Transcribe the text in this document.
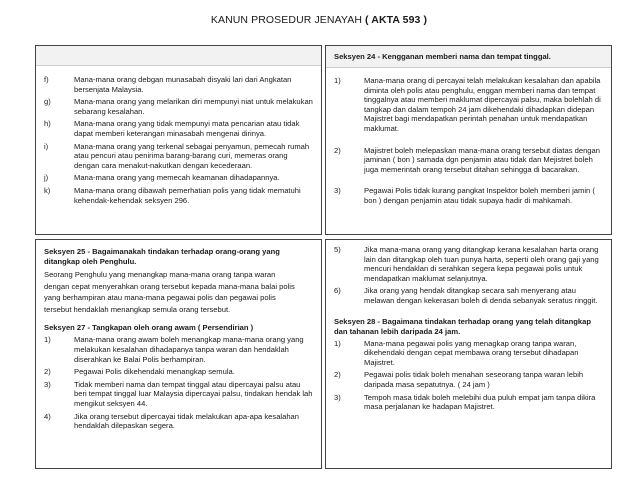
KANUN PROSEDUR JENAYAH ( AKTA 593 )
f)	Mana-mana orang debgan munasabah disyaki lari dari Angkatan bersenjata Malaysia.
g)	Mana-mana orang yang melarikan diri mempunyi niat untuk melakukan sebarang kesalahan.
h)	Mana-mana orang yang tidak mempunyi mata pencarian atau tidak dapat memberi keterangan minasabah mengenai dirinya.
i)	Mana-mana orang yang terkenal sebagai penyamun, pemecah rumah atau pencuri atau penirima barang-barang curi, memeras orang dengan cara menakut-nakutkan dengan kecederaan.
j)	Mana-mana orang yang memecah keamanan dihadapannya.
k)	Mana-mana orang dibawah pemerhatian polis yang tidak mematuhi kehendak-kehendak seksyen 296.
Seksyen 24 - Kengganan memberi nama dan tempat tinggal.
1)	Mana-mana orang di percayai telah melakukan kesalahan dan apabila diminta oleh polis atau penghulu, enggan memberi nama dan tempat tinggalnya atau memberi maklumat dipercayai palsu, maka bolehlah di tangkap dan dalam tempoh 24 jam dikehendaki dihadapkan didepan Majistret bagi mendapatkan perintah penahan untuk mendapatkan maklumat.
2)	Majistret boleh melepaskan mana-mana orang tersebut diatas dengan jaminan ( bon ) samada dgn penjamin atau tidak dan Mejistret boleh juga memerintah orang tersebut ditahan sehingga di bacarakan.
3)	Pegawai Polis tidak kurang pangkat Inspektor boleh memberi jamin ( bon ) dengan penjamin atau tidak supaya hadir di mahkamah.
Seksyen 25 - Bagaimanakah tindakan terhadap orang-orang yang ditangkap oleh Penghulu.
Seorang Penghulu yang menangkap mana-mana orang tanpa waran
dengan cepat menyerahkan orang tersebut kepada mana-mana balai polis
yang berhampiran atau mana-mana pegawai polis dan pegawai polis
tersebut hendaklah menangkap semula orang tersebut.
Seksyen 27 - Tangkapan oleh orang awam ( Persendirian )
1)	Mana-mana orang awam boleh menangkap mana-mana orang yang melakukan kesalahan dihadapanya tanpa waran dan hendaklah diserahkan ke Balai Polis berhampiran.
2)	Pegawai Polis dikehendaki menangkap semula.
3)	Tidak memberi nama dan tempat tinggal atau dipercayai palsu atau beri tempat tinggal luar Malaysia dipercayai palsu, tindakan hendak lah mengikut seksyen 44.
4)	Jika orang tersebut dipercayai tidak melakukan apa-apa kesalahan hendaklah dilepaskan segera.
5)	Jika mana-mana orang yang ditangkap kerana kesalahan harta orang lain dan ditangkap oleh tuan punya harta, seperti oleh orang gaji yang mencuri hendaklan di serahkan segera kepa pegawai polis untuk mendapatkan maklumat selanjutnya.
6)	Jika orang yang hendak ditangkap secara sah menyerang atau melawan dengan kekerasan boleh di denda sebanyak seratus ringgit.
Seksyen 28 - Bagaimana tindakan terhadap orang yang telah ditangkap dan tahanan lebih daripada 24 jam.
1)	Mana-mana pegawai polis yang menagkap orang tanpa waran, dikehendaki dengan cepat membawa orang tersebut dihadapan Majistret.
2)	Pegawai polis tidak boleh menahan seseorang tanpa waran lebih daripada masa sepatutnya. ( 24 jam )
3)	Tempoh masa tidak boleh melebihi dua puluh empat jam tanpa dikira masa perjalanan ke hadapan Majistret.
